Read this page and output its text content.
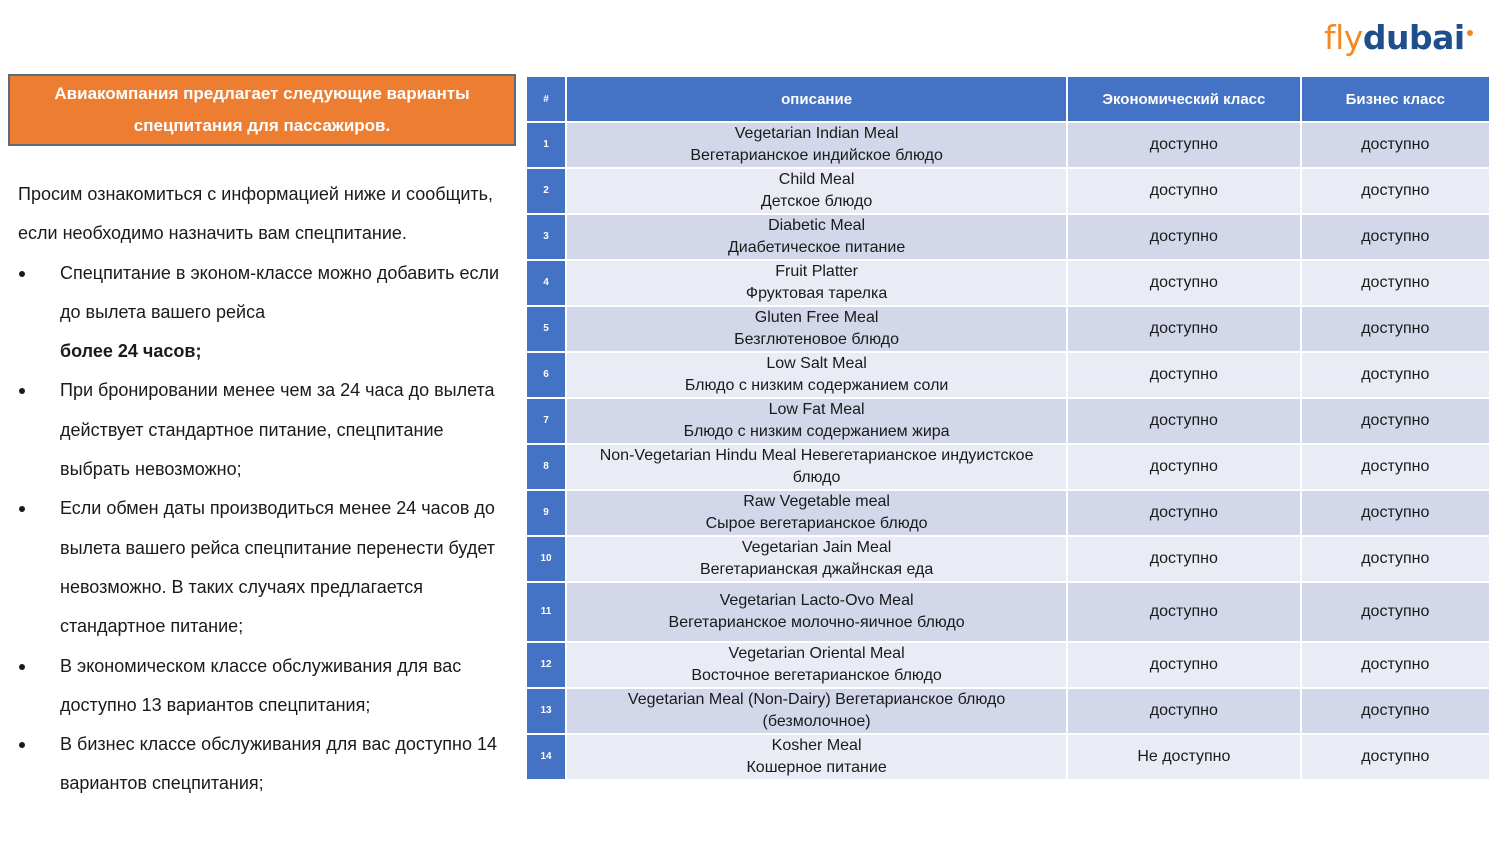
flydubai
Авиакомпания предлагает следующие варианты
спецпитания для пассажиров.

Просим ознакомиться с информацией ниже и сообщить, если необходимо назначить вам спецпитание.

Спецпитание в эконом-классе можно добавить если до вылета вашего рейса
более 24 часов;
При бронировании менее чем за 24 часа до вылета действует стандартное питание, спецпитание выбрать невозможно;
Если обмен даты производиться менее 24 часов до вылета вашего рейса спецпитание перенести будет невозможно. В таких случаях предлагается стандартное питание;
В экономическом классе обслуживания для вас доступно 13 вариантов спецпитания;
В бизнес классе обслуживания для вас доступно 14 вариантов спецпитания;
#	описание	Экономический класс	Бизнес класс
1	Vegetarian Indian Meal
Вегетарианское индийское блюдо	доступно	доступно
2	Child Meal
Детское блюдо	доступно	доступно
3	Diabetic Meal
Диабетическое питание	доступно	доступно
4	Fruit Platter
Фруктовая тарелка	доступно	доступно
5	Gluten Free Meal
Безглютеновое блюдо	доступно	доступно
6	Low Salt Meal
Блюдо с низким содержанием соли	доступно	доступно
7	Low Fat Meal
Блюдо с низким содержанием жира	доступно	доступно
8	Non-Vegetarian Hindu Meal Невегетарианское индуистское
блюдо	доступно	доступно
9	Raw Vegetable meal
Сырое вегетарианское блюдо	доступно	доступно
10	Vegetarian Jain Meal
Вегетарианская джайнская еда	доступно	доступно
11	Vegetarian Lacto-Ovo Meal
Вегетарианское молочно-яичное блюдо	доступно	доступно
12	Vegetarian Oriental Meal
Восточное вегетарианское блюдо	доступно	доступно
13	Vegetarian Meal (Non-Dairy) Вегетарианское блюдо
(безмолочное)	доступно	доступно
14	Kosher Meal
Кошерное питание	Не доступно	доступно
